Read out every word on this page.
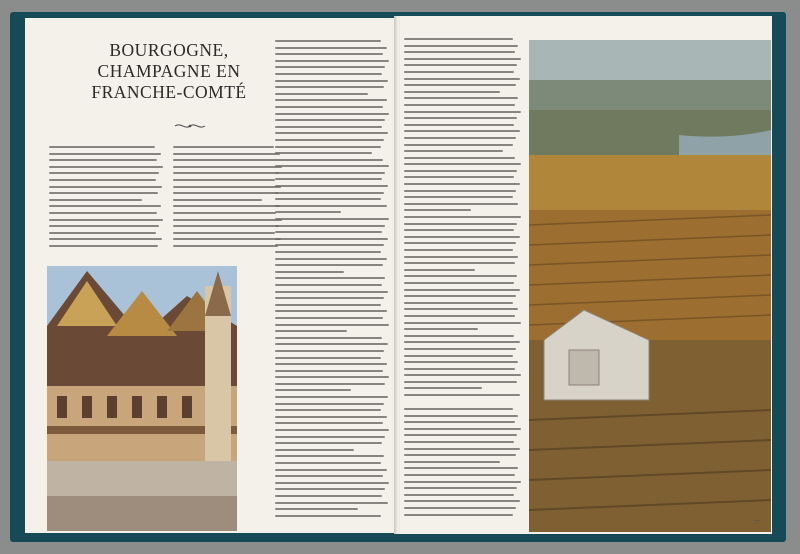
BOURGOGNE,
CHAMPAGNE EN
FRANCHE-COMTÉ
77
